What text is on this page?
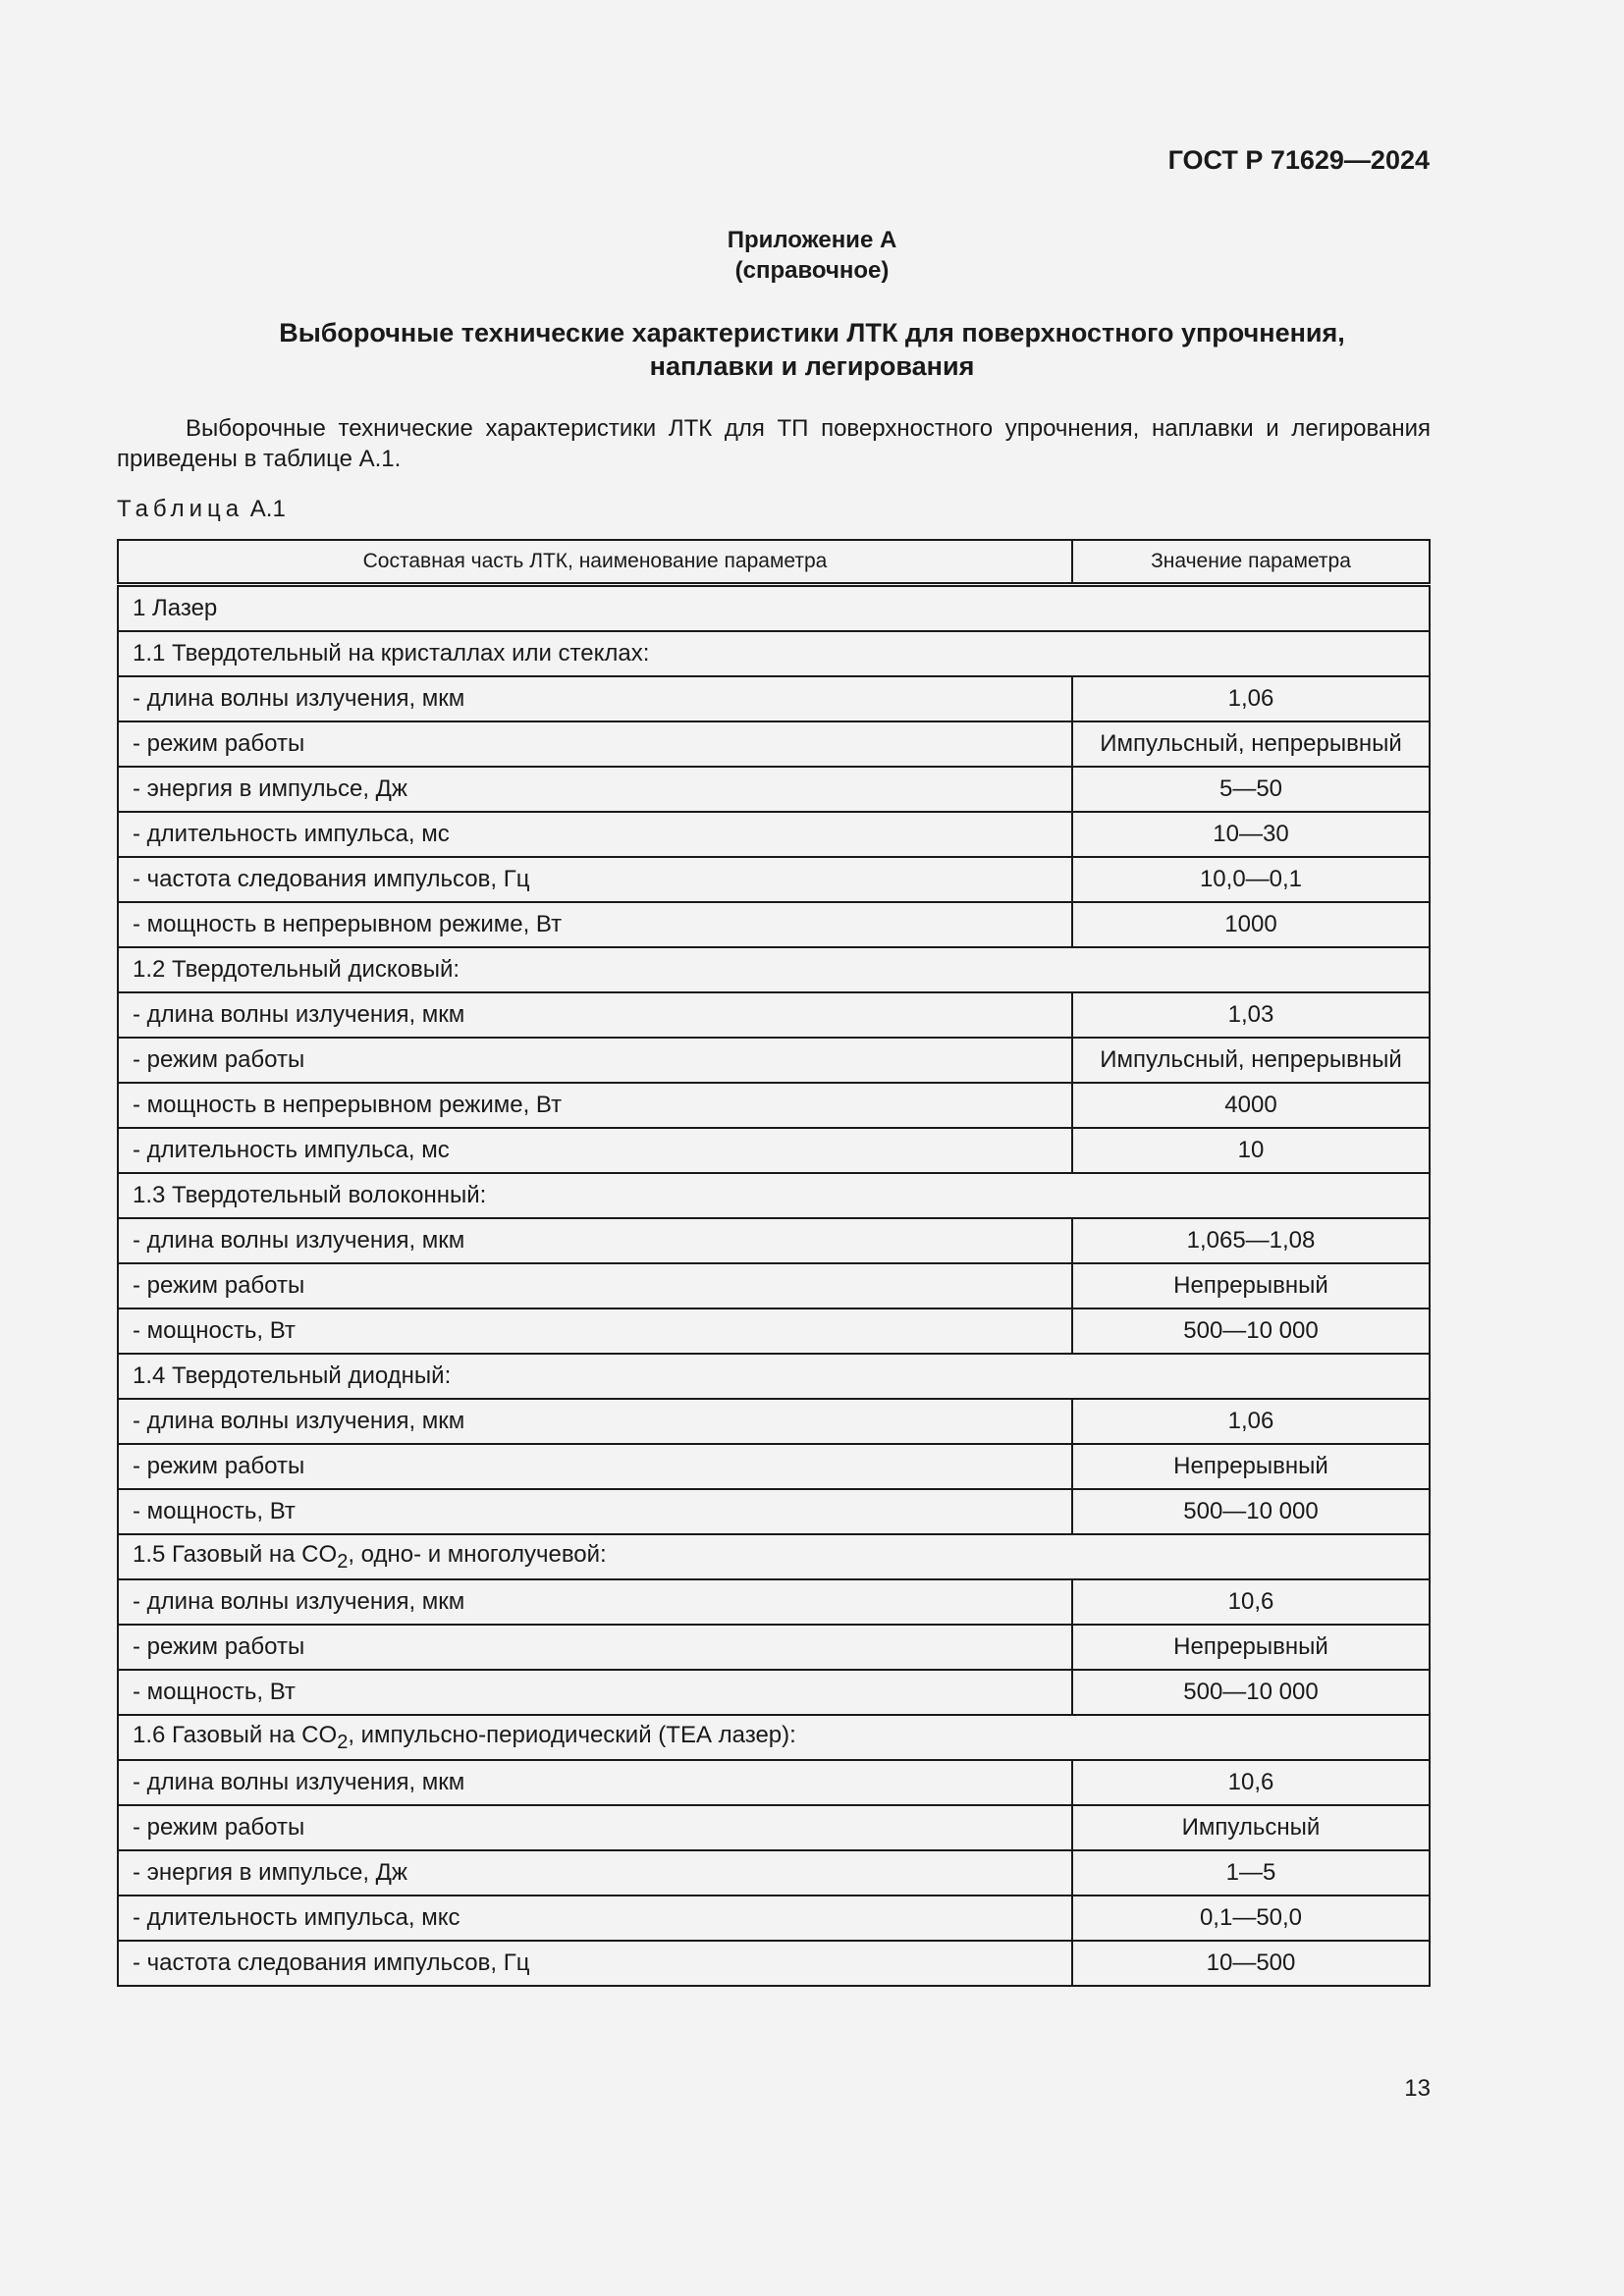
ГОСТ Р 71629—2024
Приложение А
(справочное)
Выборочные технические характеристики ЛТК для поверхностного упрочнения,
наплавки и легирования
Выборочные технические характеристики ЛТК для ТП поверхностного упрочнения, наплавки и легирования приведены в таблице А.1.
Таблица А.1
Составная часть ЛТК, наименование параметра	Значение параметра
1 Лазер	
1.1 Твердотельный на кристаллах или стеклах:	
- длина волны излучения, мкм	1,06
- режим работы	Импульсный, непрерывный
- энергия в импульсе, Дж	5—50
- длительность импульса, мс	10—30
- частота следования импульсов, Гц	10,0—0,1
- мощность в непрерывном режиме, Вт	1000
1.2 Твердотельный дисковый:	
- длина волны излучения, мкм	1,03
- режим работы	Импульсный, непрерывный
- мощность в непрерывном режиме, Вт	4000
- длительность импульса, мс	10
1.3 Твердотельный волоконный:	
- длина волны излучения, мкм	1,065—1,08
- режим работы	Непрерывный
- мощность, Вт	500—10 000
1.4 Твердотельный диодный:	
- длина волны излучения, мкм	1,06
- режим работы	Непрерывный
- мощность, Вт	500—10 000
1.5 Газовый на $CO_2$, одно- и многолучевой:	
- длина волны излучения, мкм	10,6
- режим работы	Непрерывный
- мощность, Вт	500—10 000
1.6 Газовый на $CO_2$, импульсно-периодический (ТЕА лазер):	
- длина волны излучения, мкм	10,6
- режим работы	Импульсный
- энергия в импульсе, Дж	1—5
- длительность импульса, мкс	0,1—50,0
- частота следования импульсов, Гц	10—500
13
